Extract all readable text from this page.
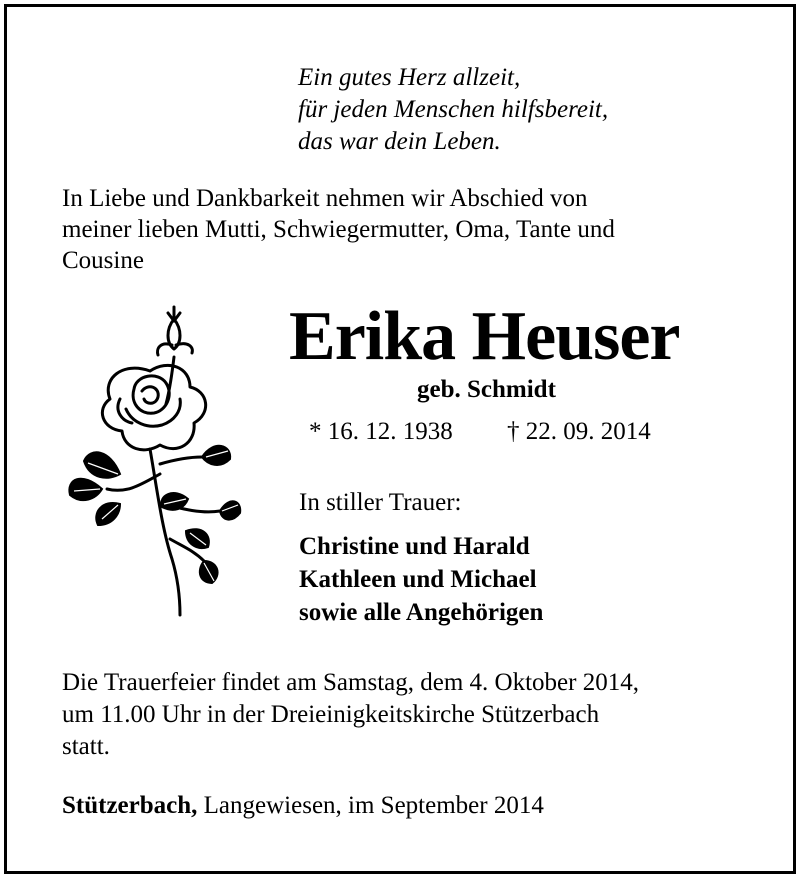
Ein gutes Herz allzeit,
für jeden Menschen hilfsbereit,
das war dein Leben.
In Liebe und Dankbarkeit nehmen wir Abschied von
meiner lieben Mutti, Schwiegermutter, Oma, Tante und
Cousine
Erika Heuser
geb. Schmidt
* 16. 12. 1938 † 22. 09. 2014
In stiller Trauer:
Christine und Harald
Kathleen und Michael
sowie alle Angehörigen
Die Trauerfeier findet am Samstag, dem 4. Oktober 2014,
um 11.00 Uhr in der Dreieinigkeitskirche Stützerbach
statt.
Stützerbach, Langewiesen, im September 2014
